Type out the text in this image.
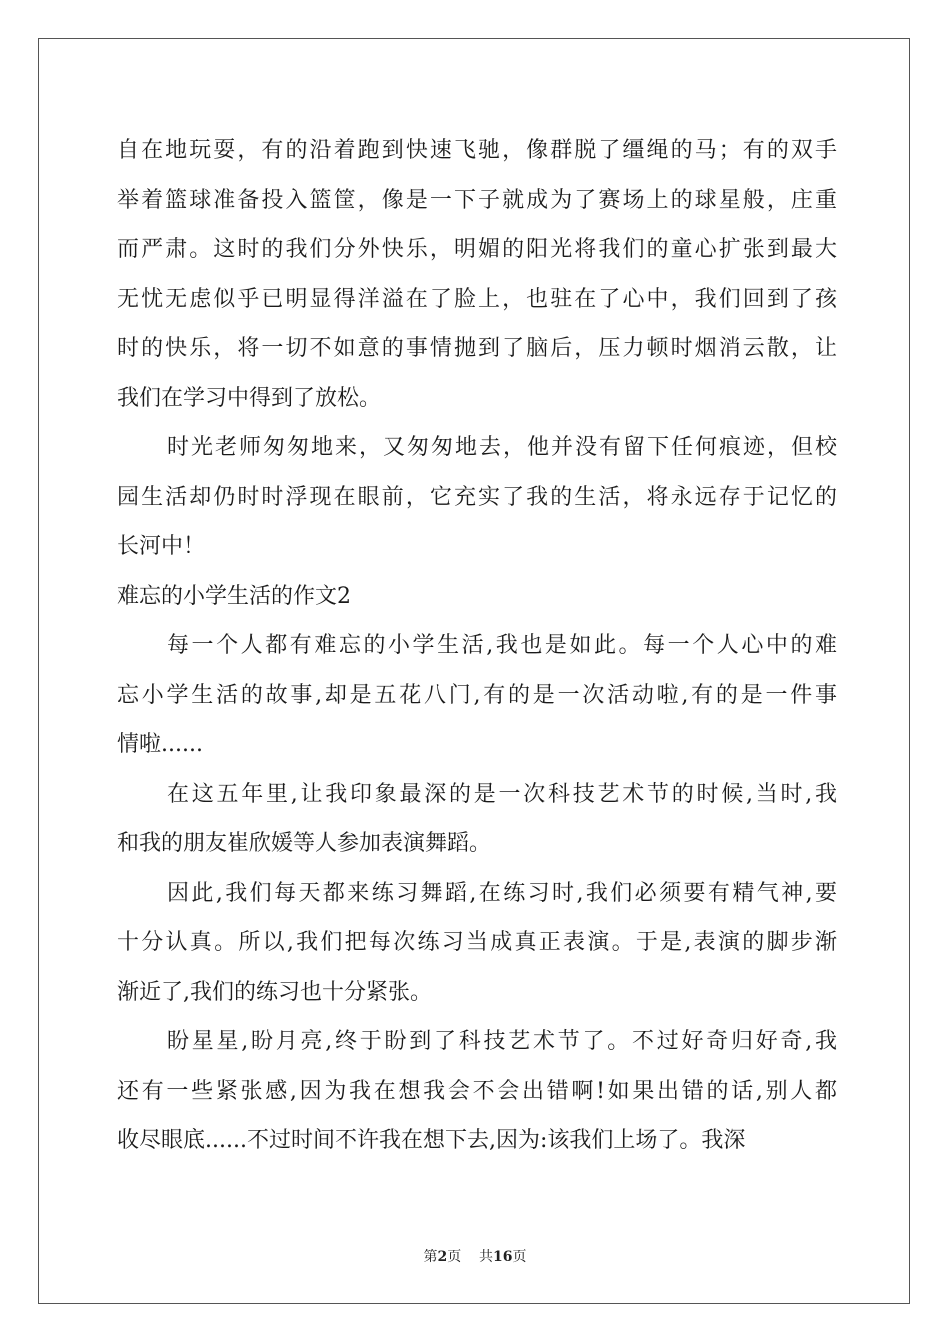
自在地玩耍，有的沿着跑到快速飞驰，像群脱了缰绳的马；有的双手
举着篮球准备投入篮筐，像是一下子就成为了赛场上的球星般，庄重
而严肃。这时的我们分外快乐，明媚的阳光将我们的童心扩张到最大
无忧无虑似乎已明显得洋溢在了脸上，也驻在了心中，我们回到了孩
时的快乐，将一切不如意的事情抛到了脑后，压力顿时烟消云散，让
我们在学习中得到了放松。
时光老师匆匆地来，又匆匆地去，他并没有留下任何痕迹，但校
园生活却仍时时浮现在眼前，它充实了我的生活，将永远存于记忆的
长河中！
难忘的小学生活的作文2
每一个人都有难忘的小学生活,我也是如此。每一个人心中的难
忘小学生活的故事,却是五花八门,有的是一次活动啦,有的是一件事
情啦......
在这五年里,让我印象最深的是一次科技艺术节的时候,当时,我
和我的朋友崔欣媛等人参加表演舞蹈。
因此,我们每天都来练习舞蹈,在练习时,我们必须要有精气神,要
十分认真。所以,我们把每次练习当成真正表演。于是,表演的脚步渐
渐近了,我们的练习也十分紧张。
盼星星,盼月亮,终于盼到了科技艺术节了。不过好奇归好奇,我
还有一些紧张感,因为我在想我会不会出错啊!如果出错的话,别人都
收尽眼底......不过时间不许我在想下去,因为:该我们上场了。我深
第2页 共16页
